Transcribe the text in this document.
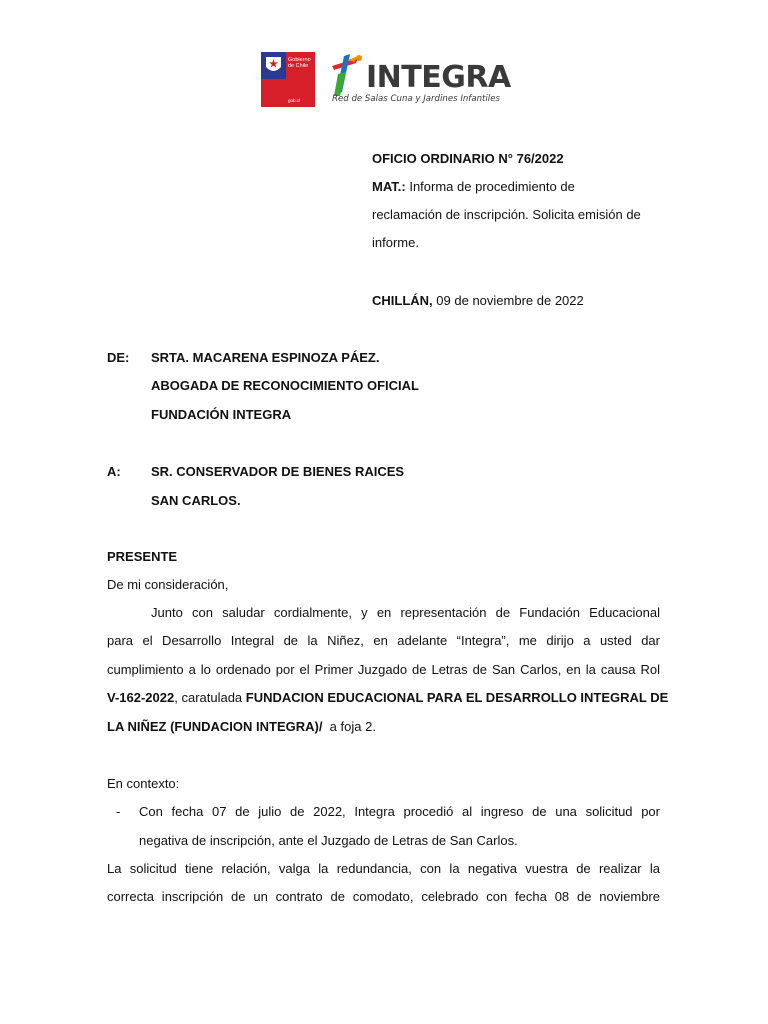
Gobierno de Chile
gob.cl
INTEGRA
Red de Salas Cuna y Jardines Infantiles
OFICIO ORDINARIO N° 76/2022
MAT.: Informa de procedimiento de
reclamación de inscripción. Solicita emisión de
informe.
CHILLÁN, 09 de noviembre de 2022
DE: SRTA. MACARENA ESPINOZA PÁEZ.
ABOGADA DE RECONOCIMIENTO OFICIAL
FUNDACIÓN INTEGRA
A: SR. CONSERVADOR DE BIENES RAICES
SAN CARLOS.
PRESENTE
De mi consideración,
Junto con saludar cordialmente, y en representación de Fundación Educacional
para el Desarrollo Integral de la Niñez, en adelante “Integra”, me dirijo a usted dar
cumplimiento a lo ordenado por el Primer Juzgado de Letras de San Carlos, en la causa Rol
V-162-2022, caratulada FUNDACION EDUCACIONAL PARA EL DESARROLLO INTEGRAL DE
LA NIÑEZ (FUNDACION INTEGRA)/  a foja 2.
En contexto:
- Con fecha 07 de julio de 2022, Integra procedió al ingreso de una solicitud por
negativa de inscripción, ante el Juzgado de Letras de San Carlos.
La solicitud tiene relación, valga la redundancia, con la negativa vuestra de realizar la
correcta inscripción de un contrato de comodato, celebrado con fecha 08 de noviembre
